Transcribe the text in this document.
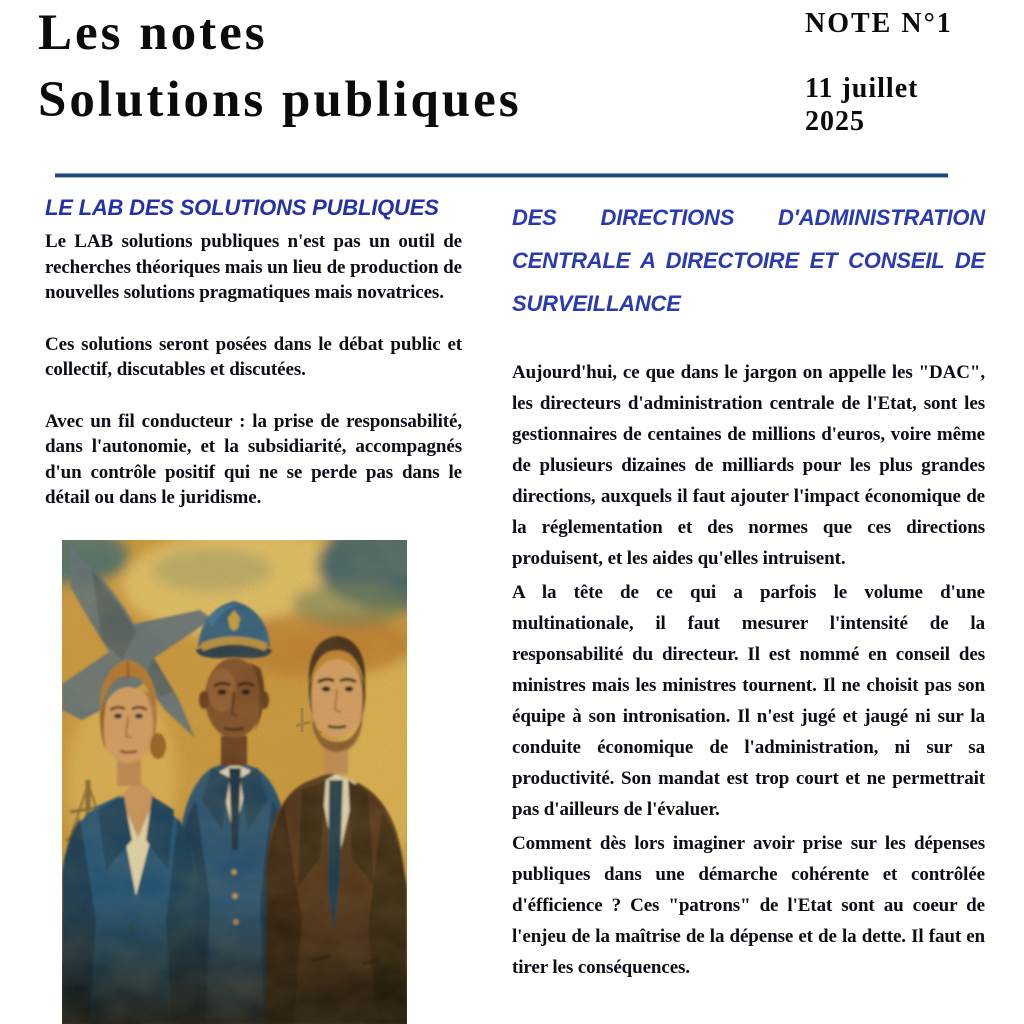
Les notes
Solutions publiques
NOTE N°1
11 juillet
2025
LE LAB DES SOLUTIONS PUBLIQUES

Le LAB solutions publiques n'est pas un outil de recherches théoriques mais un lieu de production de nouvelles solutions pragmatiques mais novatrices.

Ces solutions seront posées dans le débat public et collectif, discutables et discutées.

Avec un fil conducteur : la prise de responsabilité, dans l'autonomie, et la subsidiarité, accompagnés d'un contrôle positif qui ne se perde pas dans le détail ou dans le juridisme.

DES DIRECTIONS D'ADMINISTRATION
CENTRALE A DIRECTOIRE ET CONSEIL DE
SURVEILLANCE

Aujourd'hui, ce que dans le jargon on appelle les "DAC", les directeurs d'administration centrale de l'Etat, sont les gestionnaires de centaines de millions d'euros, voire même de plusieurs dizaines de milliards pour les plus grandes directions, auxquels il faut ajouter l'impact économique de la réglementation et des normes que ces directions produisent, et les aides qu'elles intruisent.

A la tête de ce qui a parfois le volume d'une multinationale, il faut mesurer l'intensité de la responsabilité du directeur. Il est nommé en conseil des ministres mais les ministres tournent. Il ne choisit pas son équipe à son intronisation. Il n'est jugé et jaugé ni sur la conduite économique de l'administration, ni sur sa productivité. Son mandat est trop court et ne permettrait pas d'ailleurs de l'évaluer.

Comment dès lors imaginer avoir prise sur les dépenses publiques dans une démarche cohérente et contrôlée d'éfficience ? Ces "patrons" de l'Etat sont au coeur de l'enjeu de la maîtrise de la dépense et de la dette. Il faut en tirer les conséquences.
